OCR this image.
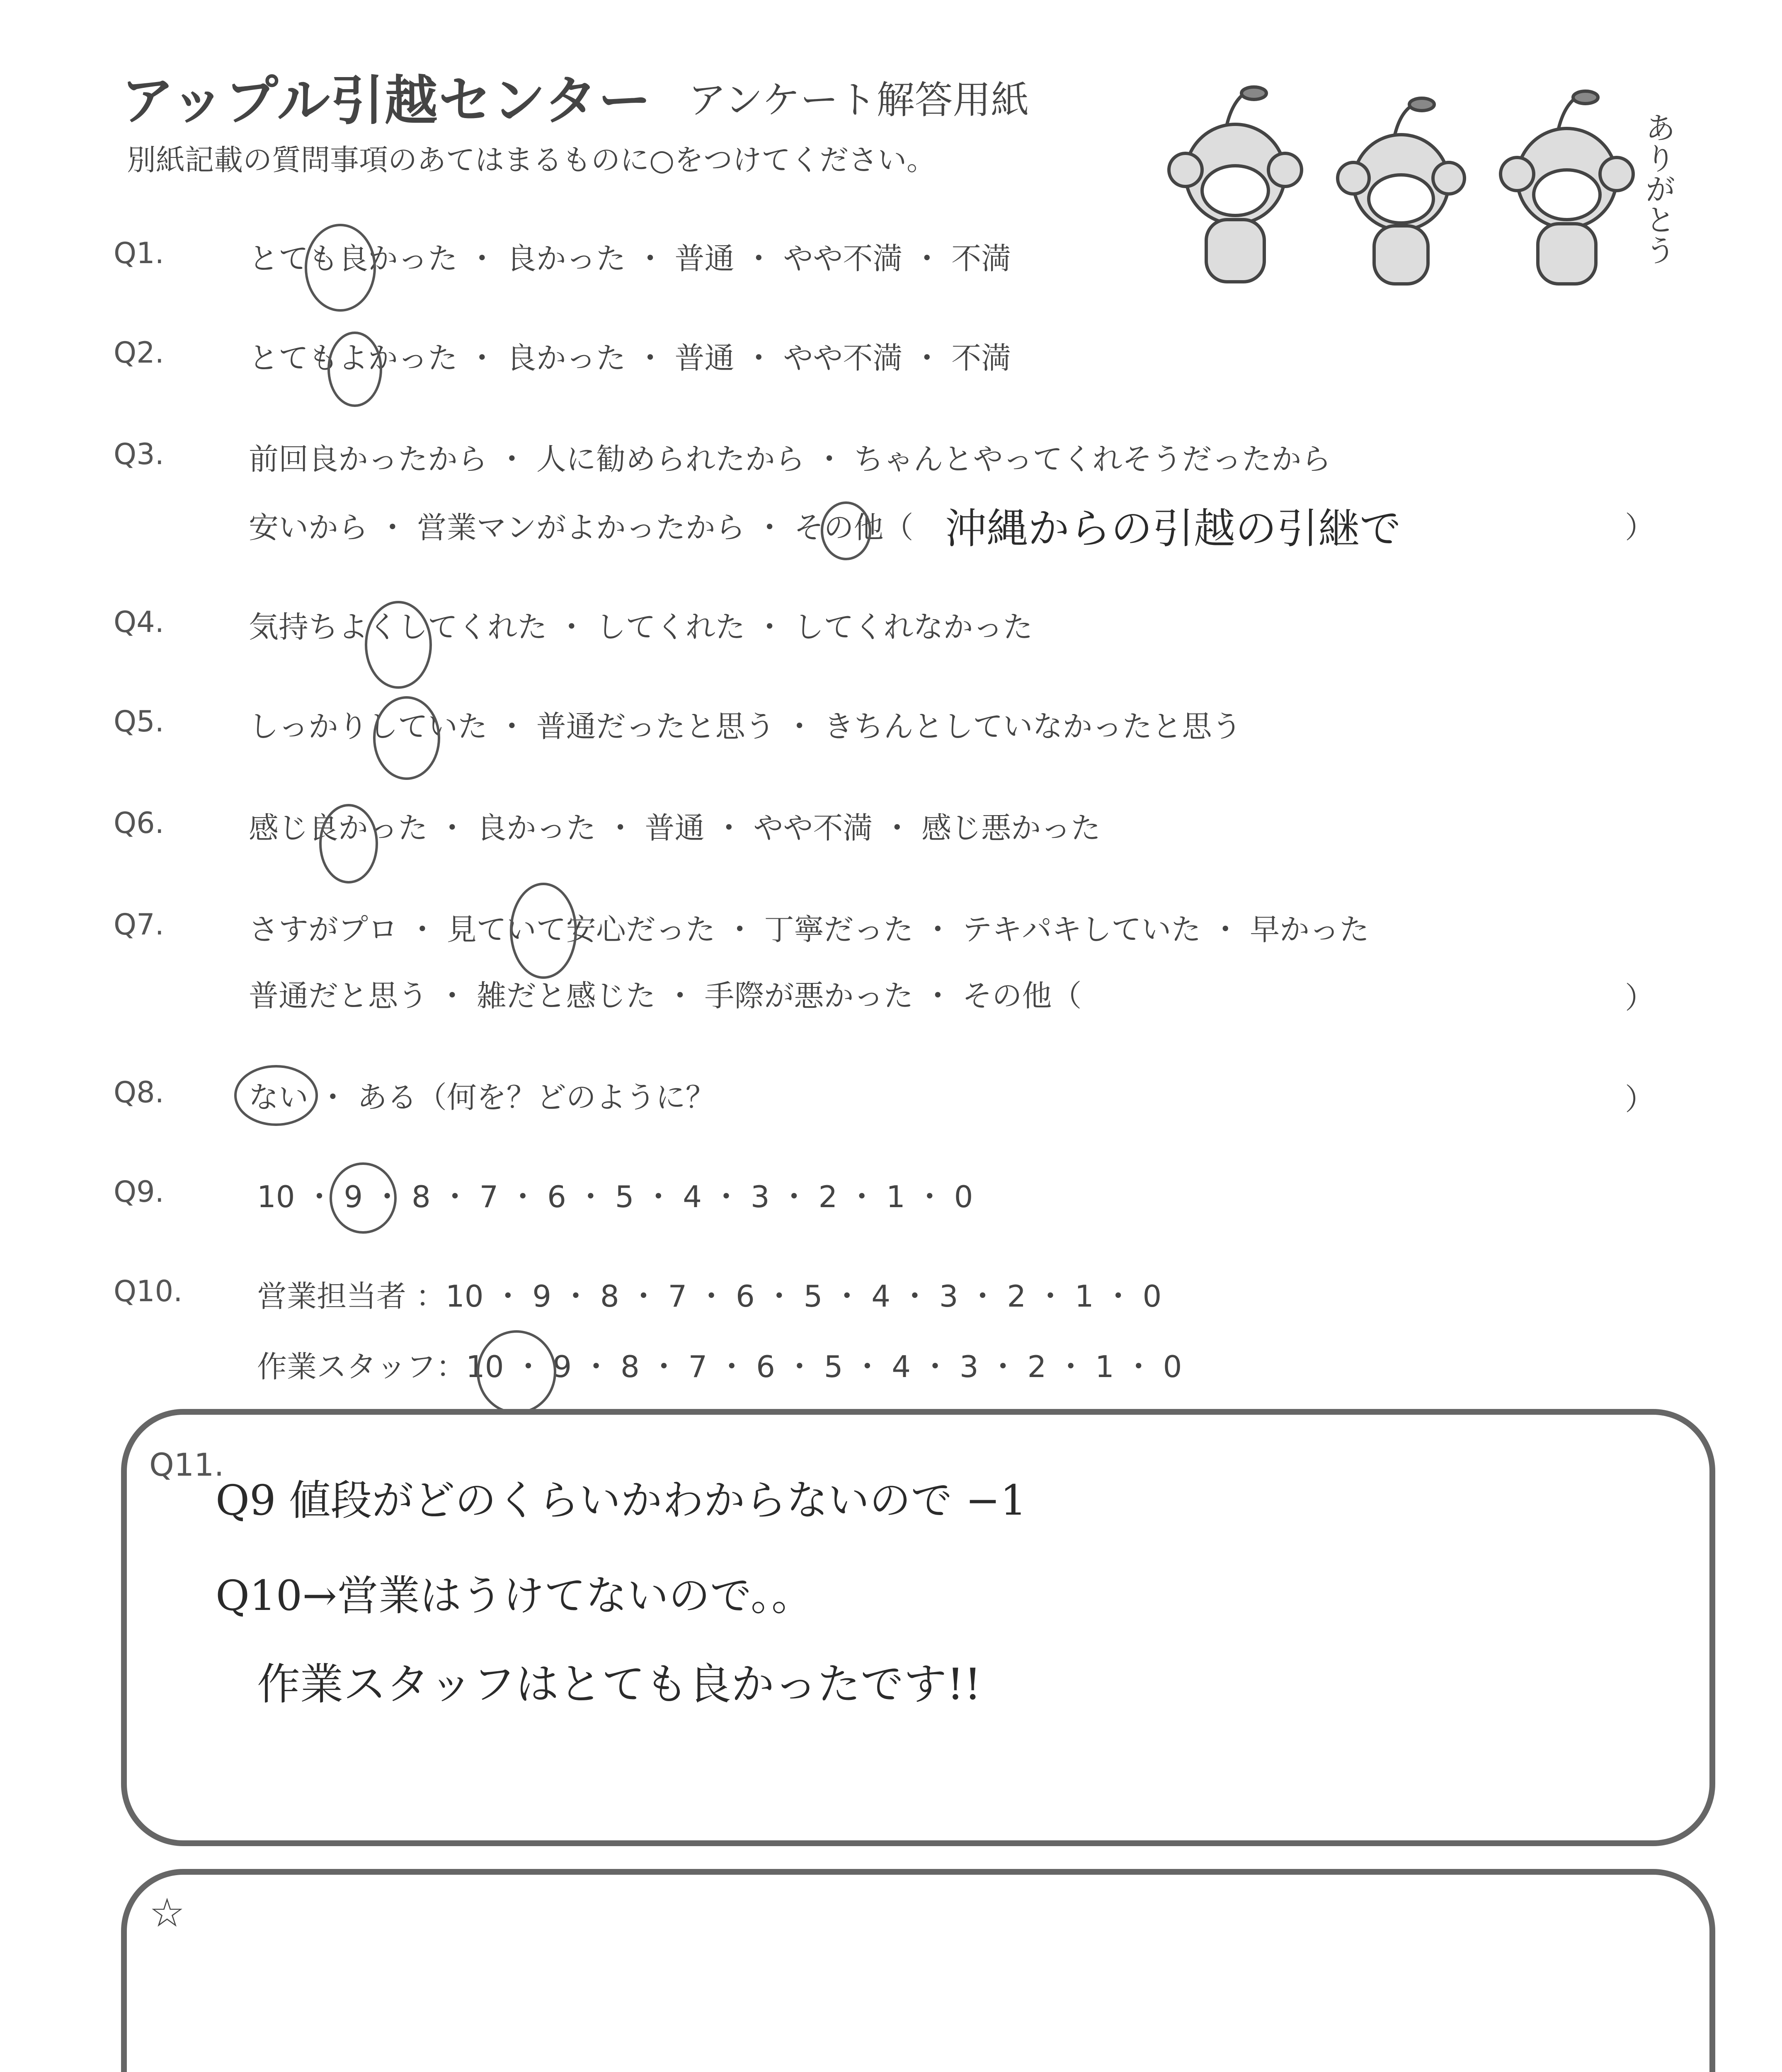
アップル引越センター アンケート解答用紙
別紙記載の質問事項のあてはまるものに○をつけてください。	ありがとう
Q1.	とても良かった ・ 良かった ・ 普通 ・ やや不満 ・ 不満
Q2.	とてもよかった ・ 良かった ・ 普通 ・ やや不満 ・ 不満
Q3.	前回良かったから ・ 人に勧められたから ・ ちゃんとやってくれそうだったから
安いから ・ 営業マンがよかったから ・ その他（ 沖縄からの引越の引継で	）
Q4.	気持ちよくしてくれた ・ してくれた ・ してくれなかった
Q5.	しっかりしていた ・ 普通だったと思う ・ きちんとしていなかったと思う
Q6.	感じ良かった ・ 良かった ・ 普通 ・ やや不満 ・ 感じ悪かった
Q7.	さすがプロ ・ 見ていて安心だった ・ 丁寧だった ・ テキパキしていた ・ 早かった
普通だと思う ・ 雑だと感じた ・ 手際が悪かった ・ その他（	）
Q8.	ない ・ ある（何を？どのように？	）
Q9.	10 ・ 9 ・ 8 ・ 7 ・ 6 ・ 5 ・ 4 ・ 3 ・ 2 ・ 1 ・ 0
Q10. 営業担当者 ：10 ・ 9 ・ 8 ・ 7 ・ 6 ・ 5 ・ 4 ・ 3 ・ 2 ・ 1 ・ 0
作業スタッフ：10 ・ 9 ・ 8 ・ 7 ・ 6 ・ 5 ・ 4 ・ 3 ・ 2 ・ 1 ・ 0
Q11.
Q9 値段がどのくらいかわからないので −1
Q10→営業はうけてないので。。
作業スタッフはとても良かったです!!
☆
